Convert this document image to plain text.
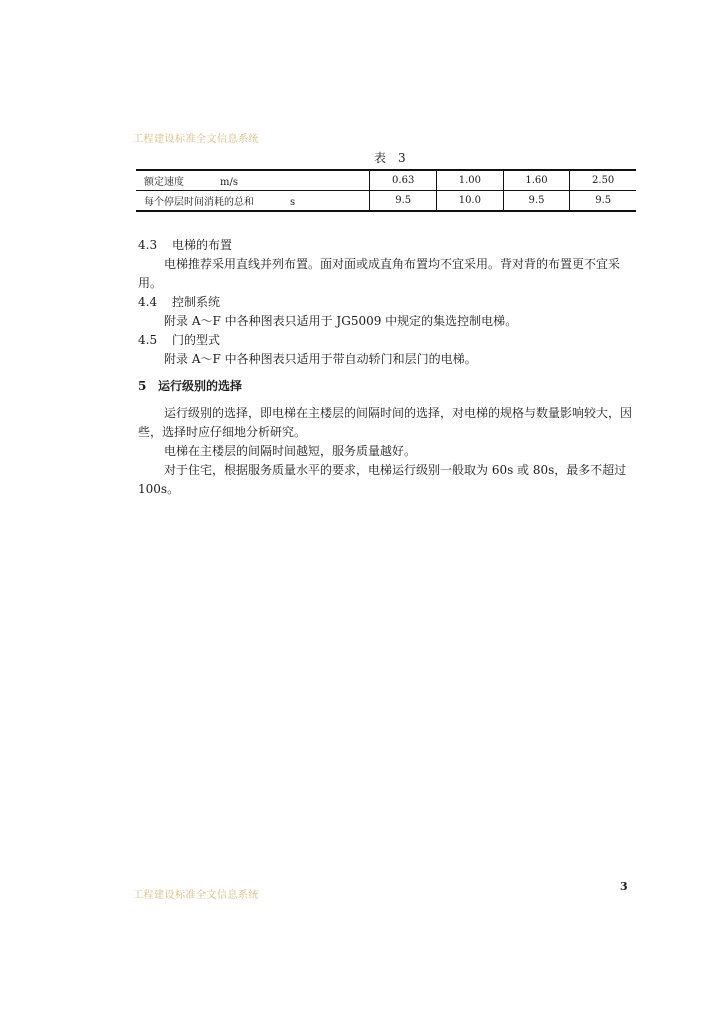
工程建设标准全文信息系统
表 3
额定速度 m/s	0.63	1.00	1.60	2.50
每个停层时间消耗的总和 s	9.5	10.0	9.5	9.5

4.3 电梯的布置

电梯推荐采用直线并列布置。面对面或成直角布置均不宜采用。背对背的布置更不宜采用。

4.4 控制系统

附录 A～F 中各种图表只适用于 JG5009 中规定的集选控制电梯。

4.5 门的型式

附录 A～F 中各种图表只适用于带自动轿门和层门的电梯。

5 运行级别的选择

运行级别的选择，即电梯在主楼层的间隔时间的选择，对电梯的规格与数量影响较大，因些，选择时应仔细地分析研究。

电梯在主楼层的间隔时间越短，服务质量越好。

对于住宅，根据服务质量水平的要求，电梯运行级别一般取为 60s 或 80s，最多不超过 100s。

工程建设标准全文信息系统
3
